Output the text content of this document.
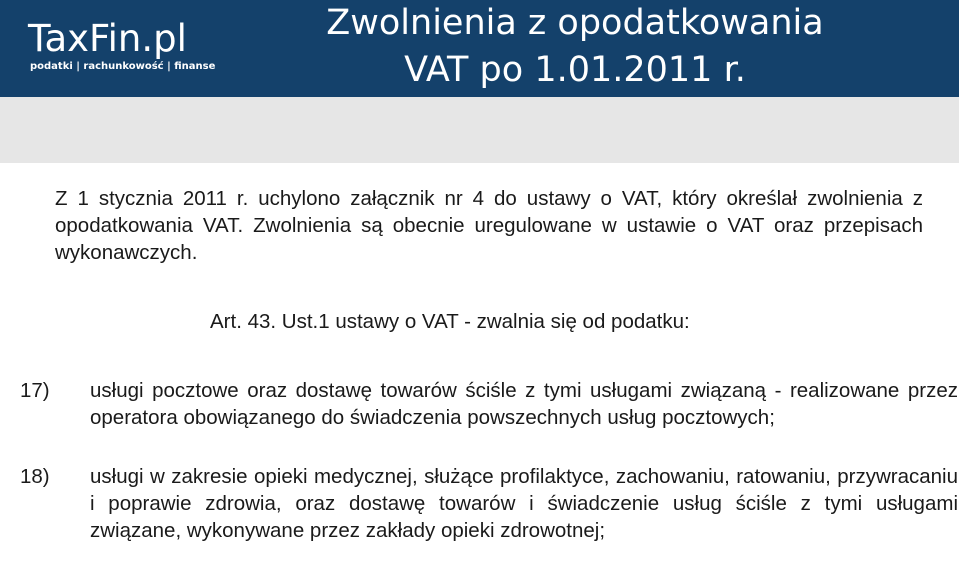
TaxFin.pl
podatki | rachunkowość | finanse
Zwolnienia z opodatkowania
VAT po 1.01.2011 r.
Z 1 stycznia 2011 r. uchylono załącznik nr 4 do ustawy o VAT, który określał zwolnienia z opodatkowania VAT. Zwolnienia są obecnie uregulowane w ustawie o VAT oraz przepisach wykonawczych.
Art. 43. Ust.1 ustawy o VAT - zwalnia się od podatku:
17) usługi pocztowe oraz dostawę towarów ściśle z tymi usługami związaną - realizowane przez operatora obowiązanego do świadczenia powszechnych usług pocztowych;
18) usługi w zakresie opieki medycznej, służące profilaktyce, zachowaniu, ratowaniu, przywracaniu i poprawie zdrowia, oraz dostawę towarów i świadczenie usług ściśle z tymi usługami związane, wykonywane przez zakłady opieki zdrowotnej;
